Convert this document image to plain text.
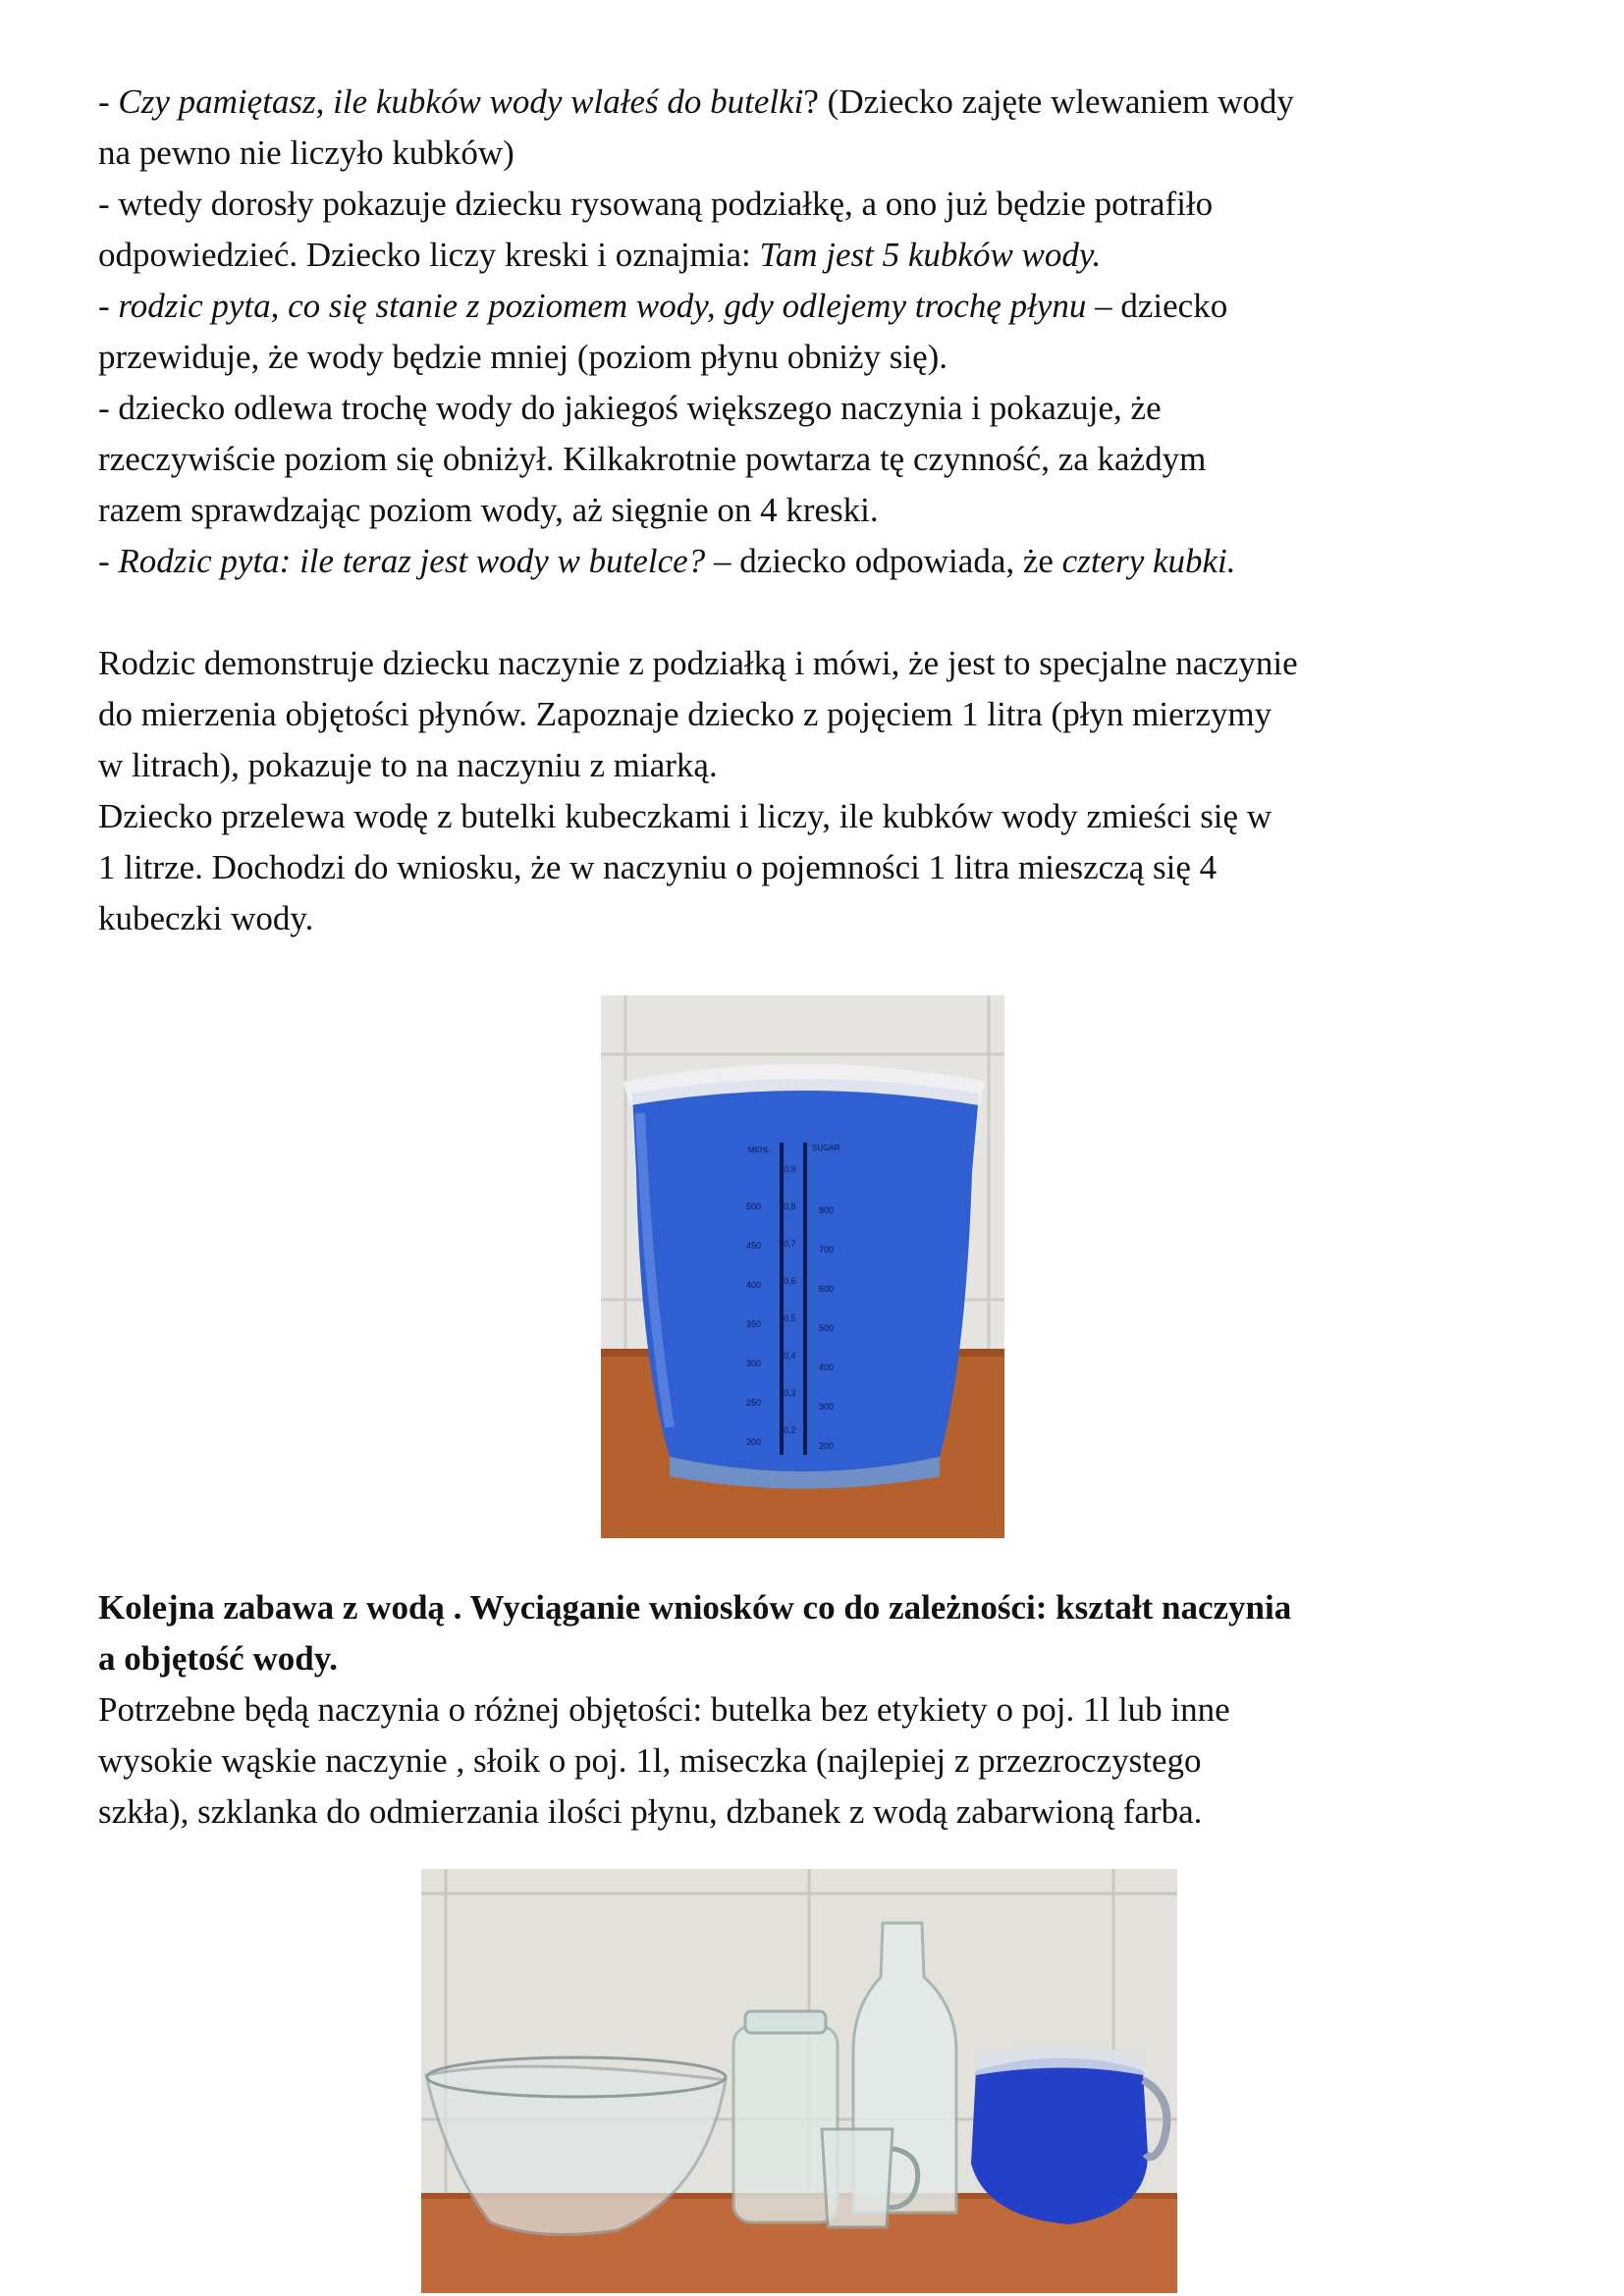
- Czy pamiętasz, ile kubków wody wlałeś do butelki? (Dziecko zajęte wlewaniem wody

na pewno nie liczyło kubków)

- wtedy dorosły pokazuje dziecku rysowaną podziałkę, a ono już będzie potrafiło

odpowiedzieć. Dziecko liczy kreski i oznajmia: Tam jest 5 kubków wody.

- rodzic pyta, co się stanie z poziomem wody, gdy odlejemy trochę płynu – dziecko

przewiduje, że wody będzie mniej (poziom płynu obniży się).

- dziecko odlewa trochę wody do jakiegoś większego naczynia i pokazuje, że

rzeczywiście poziom się obniżył. Kilkakrotnie powtarza tę czynność, za każdym

razem sprawdzając poziom wody, aż sięgnie on 4 kreski.

- Rodzic pyta: ile teraz jest wody w butelce? – dziecko odpowiada, że cztery kubki.

Rodzic demonstruje dziecku naczynie z podziałką i mówi, że jest to specjalne naczynie

do mierzenia objętości płynów. Zapoznaje dziecko z pojęciem 1 litra (płyn mierzymy

w litrach), pokazuje to na naczyniu z miarką.

Dziecko przelewa wodę z butelki kubeczkami i liczy, ile kubków wody zmieści się w

1 litrze. Dochodzi do wniosku, że w naczyniu o pojemności 1 litra mieszczą się 4

kubeczki wody.

MEHL	SUGAR
500
450
400
350
300
250
200
0,9
0,8
0,7
0,6
0,5
0,4
0,3
0,2
800
700
600
500
400
300
200

Kolejna zabawa z wodą . Wyciąganie wniosków co do zależności: kształt naczynia

a objętość wody.

Potrzebne będą naczynia o różnej objętości: butelka bez etykiety o poj. 1l lub inne

wysokie wąskie naczynie , słoik o poj. 1l, miseczka (najlepiej z przezroczystego

szkła), szklanka do odmierzania ilości płynu, dzbanek z wodą zabarwioną farba.
